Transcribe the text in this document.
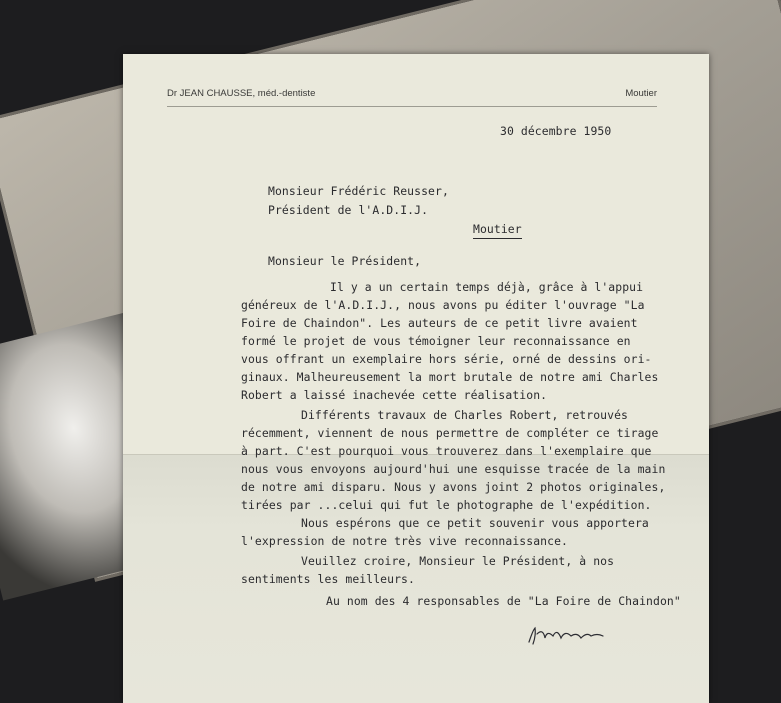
Dr JEAN CHAUSSE, méd.-dentiste	Moutier
30 décembre 1950
Monsieur Frédéric Reusser,
Président de l'A.D.I.J.
Moutier
Monsieur le Président,
Il y a un certain temps déjà, grâce à l'appui
généreux de l'A.D.I.J., nous avons pu éditer l'ouvrage "La
Foire de Chaindon". Les auteurs de ce petit livre avaient
formé le projet de vous témoigner leur reconnaissance en
vous offrant un exemplaire hors série, orné de dessins ori-
ginaux. Malheureusement la mort brutale de notre ami Charles
Robert a laissé inachevée cette réalisation.
Différents travaux de Charles Robert, retrouvés
récemment, viennent de nous permettre de compléter ce tirage
à part. C'est pourquoi vous trouverez dans l'exemplaire que
nous vous envoyons aujourd'hui une esquisse tracée de la main
de notre ami disparu. Nous y avons joint 2 photos originales,
tirées par ...celui qui fut le photographe de l'expédition.
Nous espérons que ce petit souvenir vous apportera
l'expression de notre très vive reconnaissance.
Veuillez croire, Monsieur le Président, à nos
sentiments les meilleurs.
Au nom des 4 responsables de "La Foire de Chaindon"
